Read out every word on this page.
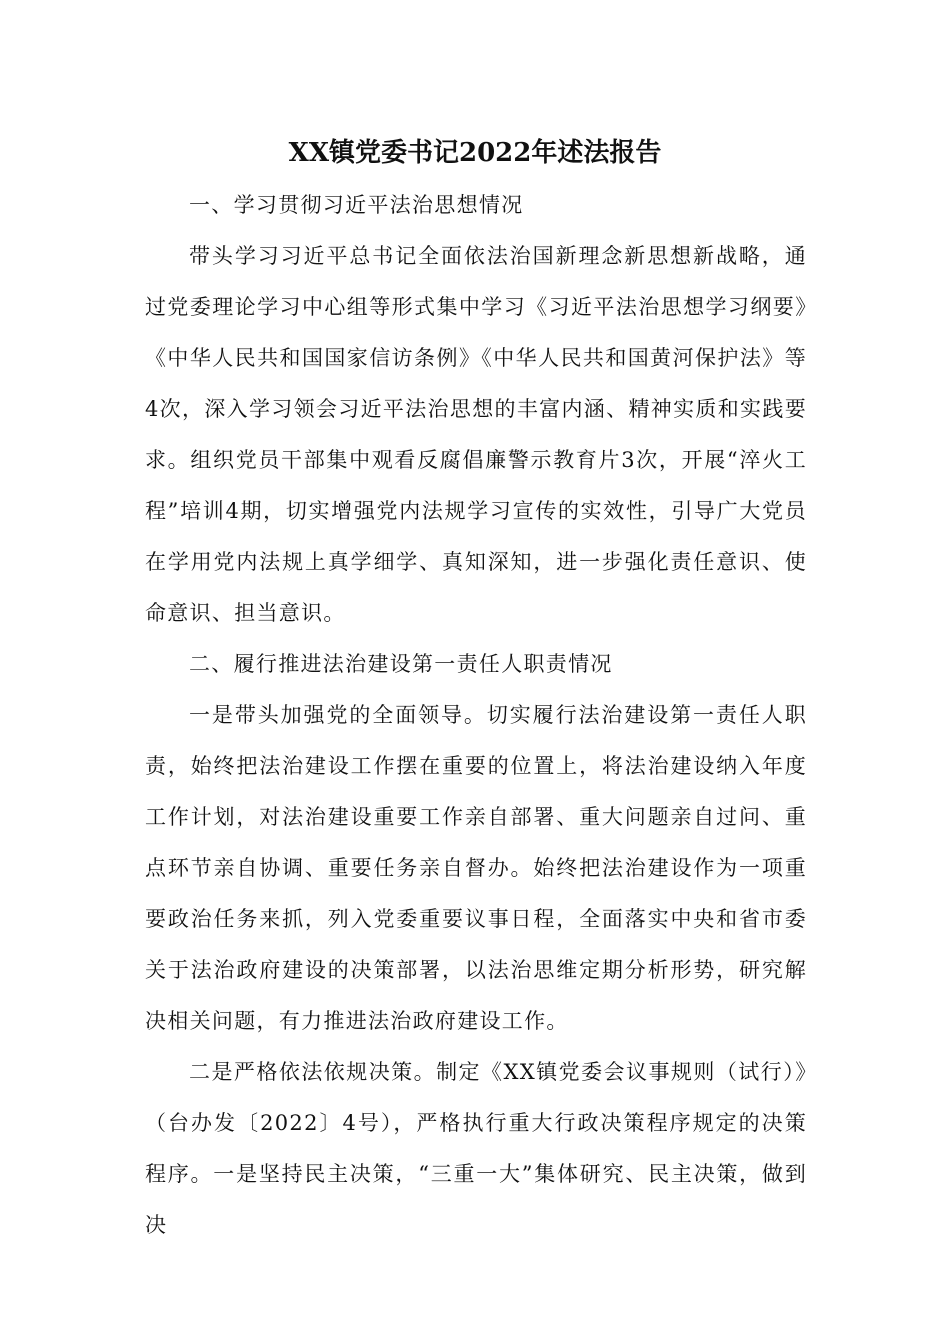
XX镇党委书记2022年述法报告

一、学习贯彻习近平法治思想情况

带头学习习近平总书记全面依法治国新理念新思想新战略，通过党委理论学习中心组等形式集中学习《习近平法治思想学习纲要》《中华人民共和国国家信访条例》《中华人民共和国黄河保护法》等4次，深入学习领会习近平法治思想的丰富内涵、精神实质和实践要求。组织党员干部集中观看反腐倡廉警示教育片3次，开展“淬火工程”培训4期，切实增强党内法规学习宣传的实效性，引导广大党员在学用党内法规上真学细学、真知深知，进一步强化责任意识、使命意识、担当意识。

二、履行推进法治建设第一责任人职责情况

一是带头加强党的全面领导。切实履行法治建设第一责任人职责，始终把法治建设工作摆在重要的位置上，将法治建设纳入年度工作计划，对法治建设重要工作亲自部署、重大问题亲自过问、重点环节亲自协调、重要任务亲自督办。始终把法治建设作为一项重要政治任务来抓，列入党委重要议事日程，全面落实中央和省市委关于法治政府建设的决策部署，以法治思维定期分析形势，研究解决相关问题，有力推进法治政府建设工作。

二是严格依法依规决策。制定《XX镇党委会议事规则（试行）》（台办发〔2022〕4号），严格执行重大行政决策程序规定的决策程序。一是坚持民主决策，“三重一大”集体研究、民主决策，做到决
